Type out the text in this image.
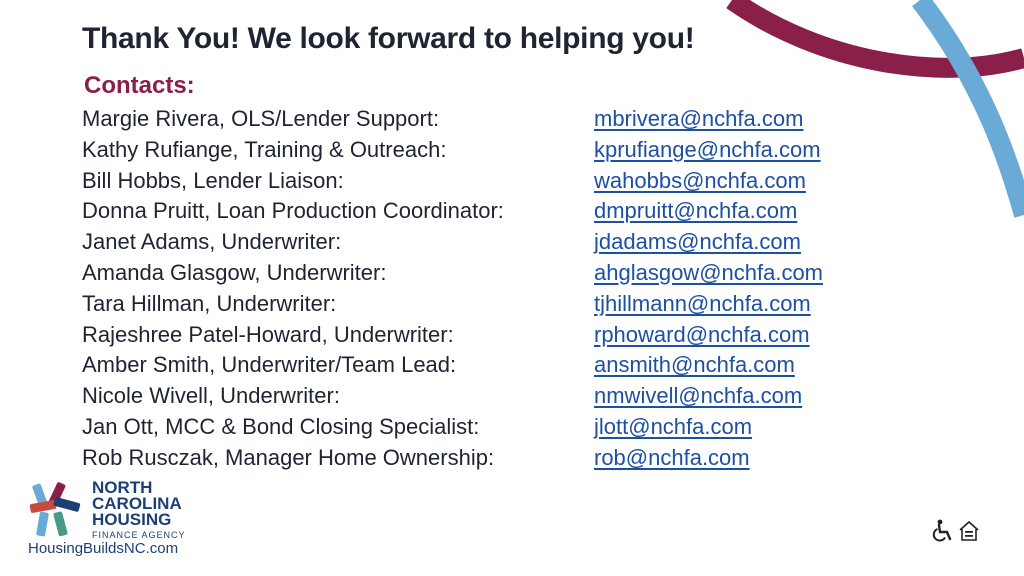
Thank You! We look forward to helping you!
Contacts:
Margie Rivera, OLS/Lender Support:	mbrivera@nchfa.com
Kathy Rufiange, Training & Outreach:	kprufiange@nchfa.com
Bill Hobbs, Lender Liaison:	wahobbs@nchfa.com
Donna Pruitt, Loan Production Coordinator:	dmpruitt@nchfa.com
Janet Adams, Underwriter:	jdadams@nchfa.com
Amanda Glasgow, Underwriter:	ahglasgow@nchfa.com
Tara Hillman, Underwriter:	tjhillmann@nchfa.com
Rajeshree Patel-Howard, Underwriter:	rphoward@nchfa.com
Amber Smith, Underwriter/Team Lead:	ansmith@nchfa.com
Nicole Wivell, Underwriter:	nmwivell@nchfa.com
Jan Ott, MCC & Bond Closing Specialist:	jlott@nchfa.com
Rob Rusczak, Manager Home Ownership:	rob@nchfa.com
NORTH
CAROLINA
HOUSING
FINANCE AGENCY
HousingBuildsNC.com
